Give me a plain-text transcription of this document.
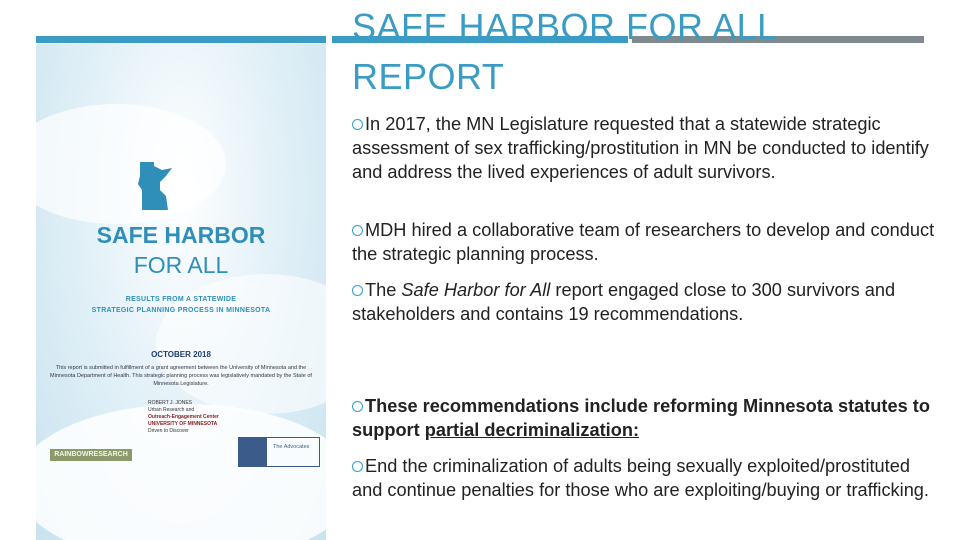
SAFE HARBOR FOR ALL
REPORT
SAFE HARBOR
FOR ALL
RESULTS FROM A STATEWIDE
STRATEGIC PLANNING PROCESS IN MINNESOTA
OCTOBER 2018
This report is submitted in fulfillment of a grant agreement between the University of Minnesota and the Minnesota Department of Health. This strategic planning process was legislatively mandated by the State of Minnesota Legislature.
RAINBOWRESEARCH
ROBERT J. JONES
Urban Research and
Outreach-Engagement Center
UNIVERSITY OF MINNESOTA
Driven to Discover
The Advocates

In 2017, the MN Legislature requested that a statewide strategic assessment of sex trafficking/prostitution in MN be conducted to identify and address the lived experiences of adult survivors.

MDH hired a collaborative team of researchers to develop and conduct the strategic planning process.

The Safe Harbor for All report engaged close to 300 survivors and stakeholders and contains 19 recommendations.

These recommendations include reforming Minnesota statutes to support partial decriminalization:

End the criminalization of adults being sexually exploited/prostituted and continue penalties for those who are exploiting/buying or trafficking.
